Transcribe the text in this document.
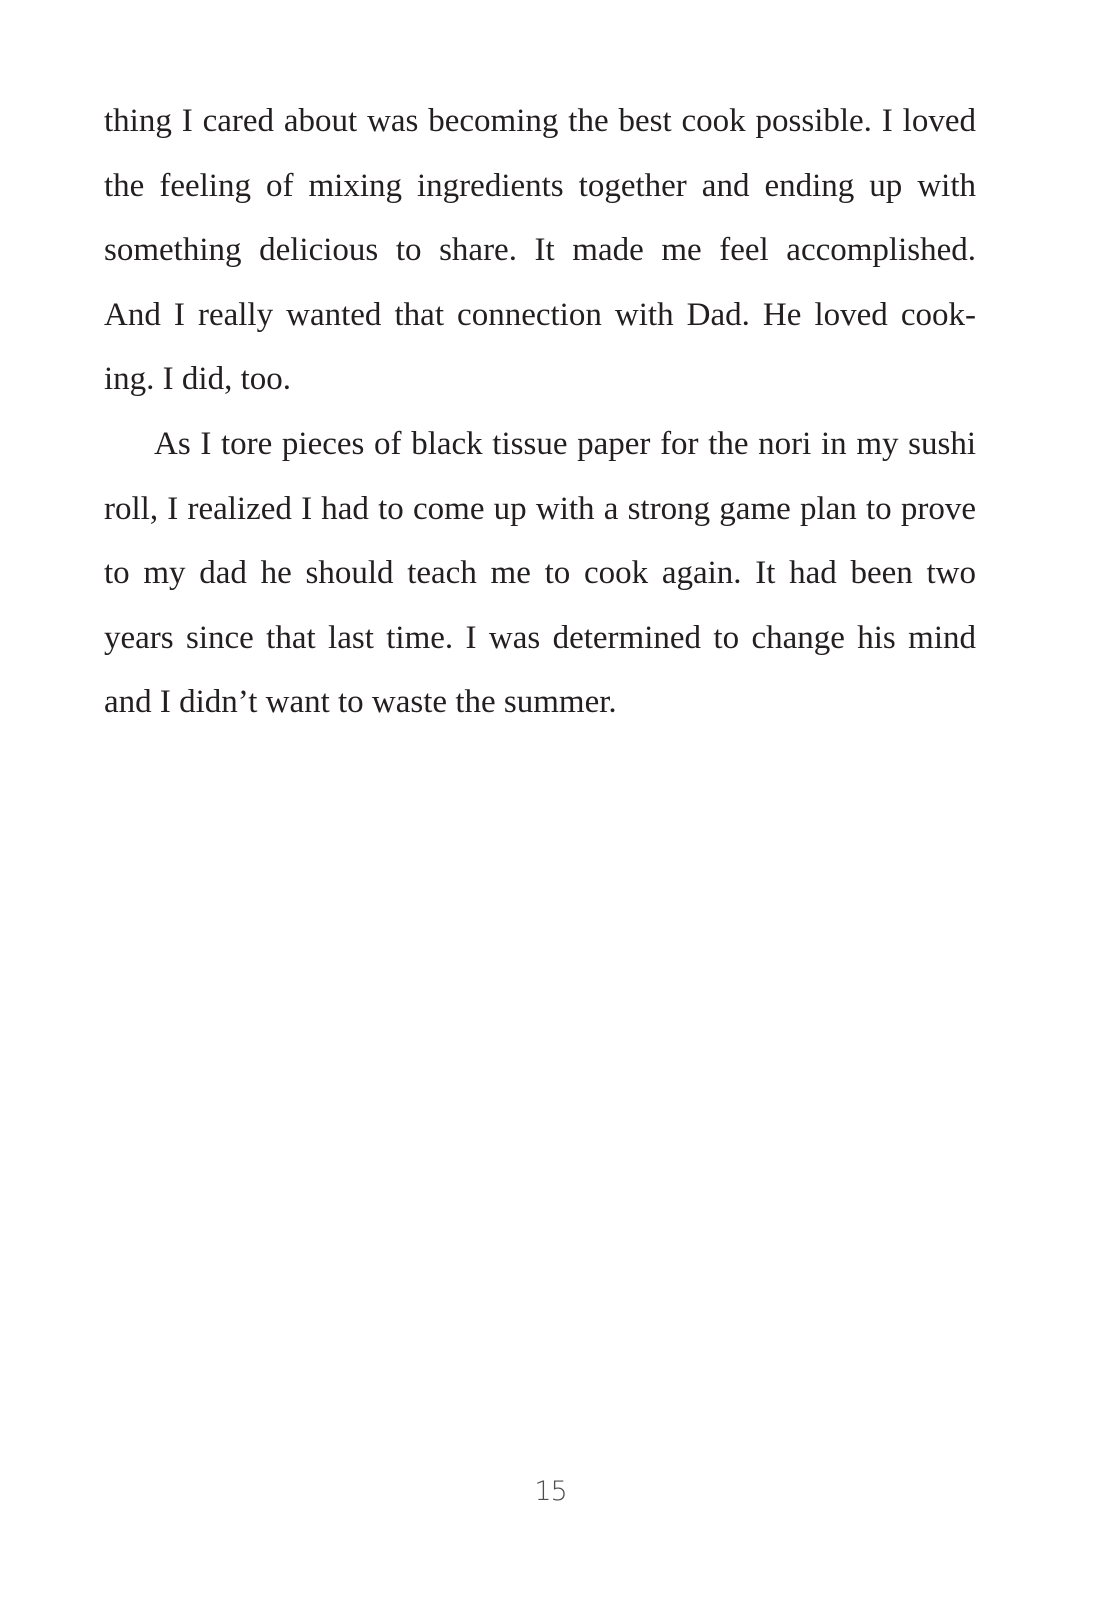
thing I cared about was becoming the best cook possible. I loved
the feeling of mixing ingredients together and ending up with
something delicious to share. It made me feel accomplished.
And I really wanted that connection with Dad. He loved cook-
ing. I did, too.
As I tore pieces of black tissue paper for the nori in my sushi
roll, I realized I had to come up with a strong game plan to prove
to my dad he should teach me to cook again. It had been two
years since that last time. I was determined to change his mind
and I didn’t want to waste the summer.
15
